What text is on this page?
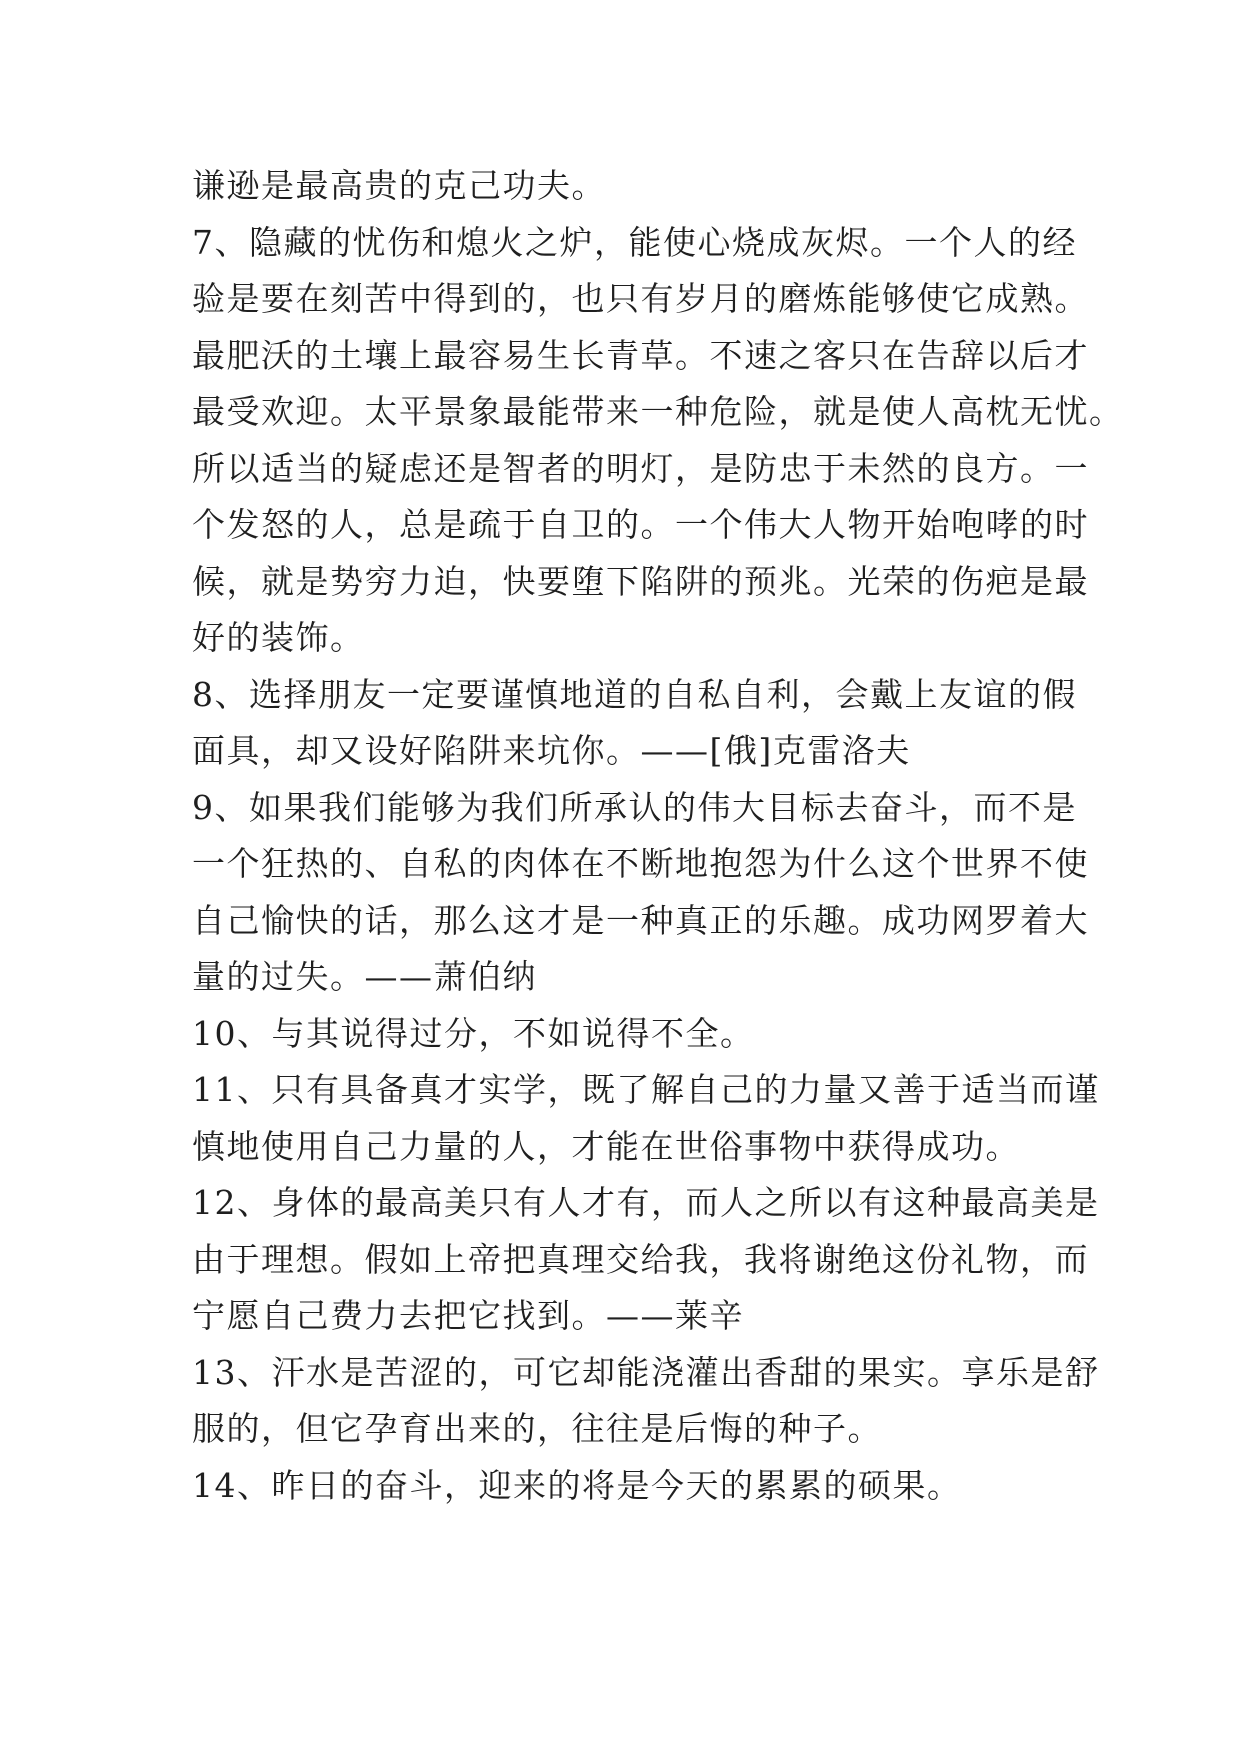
谦逊是最高贵的克己功夫。
7、隐藏的忧伤和熄火之炉，能使心烧成灰烬。一个人的经
验是要在刻苦中得到的，也只有岁月的磨炼能够使它成熟。
最肥沃的土壤上最容易生长青草。不速之客只在告辞以后才
最受欢迎。太平景象最能带来一种危险，就是使人高枕无忧。
所以适当的疑虑还是智者的明灯，是防忠于未然的良方。一
个发怒的人，总是疏于自卫的。一个伟大人物开始咆哮的时
候，就是势穷力迫，快要堕下陷阱的预兆。光荣的伤疤是最
好的装饰。
8、选择朋友一定要谨慎地道的自私自利，会戴上友谊的假
面具，却又设好陷阱来坑你。——[俄]克雷洛夫
9、如果我们能够为我们所承认的伟大目标去奋斗，而不是
一个狂热的、自私的肉体在不断地抱怨为什么这个世界不使
自己愉快的话，那么这才是一种真正的乐趣。成功网罗着大
量的过失。——萧伯纳
10、与其说得过分，不如说得不全。
11、只有具备真才实学，既了解自己的力量又善于适当而谨
慎地使用自己力量的人，才能在世俗事物中获得成功。
12、身体的最高美只有人才有，而人之所以有这种最高美是
由于理想。假如上帝把真理交给我，我将谢绝这份礼物，而
宁愿自己费力去把它找到。——莱辛
13、汗水是苦涩的，可它却能浇灌出香甜的果实。享乐是舒
服的，但它孕育出来的，往往是后悔的种子。
14、昨日的奋斗，迎来的将是今天的累累的硕果。
